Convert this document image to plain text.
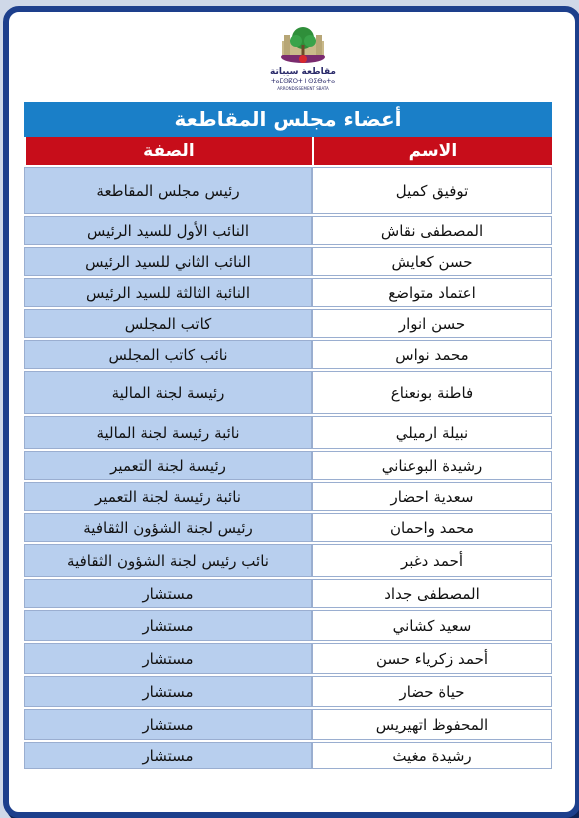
مقاطعة سيباتة
ⵜⴰⵎⵙⴽⵔⵜ ⵏ ⵙⵉⴱⴰⵜⴰ
ARRONDISSEMENT SBATA
أعضاء مجلس المقاطعة
الاسم
الصفة
توفيق كميل
رئيس مجلس المقاطعة
المصطفى نقاش
النائب الأول للسيد الرئيس
حسن كعايش
النائب الثاني للسيد الرئيس
اعتماد متواضع
النائبة الثالثة للسيد الرئيس
حسن انوار
كاتب المجلس
محمد نواس
نائب كاتب المجلس
فاطنة بونعناع
رئيسة لجنة المالية
نبيلة ارميلي
نائبة رئيسة لجنة المالية
رشيدة البوعناني
رئيسة لجنة التعمير
سعدية احضار
نائبة رئيسة لجنة التعمير
محمد واحمان
رئيس لجنة الشؤون الثقافية
أحمد دغبر
نائب رئيس لجنة الشؤون الثقافية
المصطفى جداد
مستشار
سعيد كشاني
مستشار
أحمد زكرياء حسن
مستشار
حياة حضار
مستشار
المحفوظ اتهيريس
مستشار
رشيدة مغيث
مستشار
